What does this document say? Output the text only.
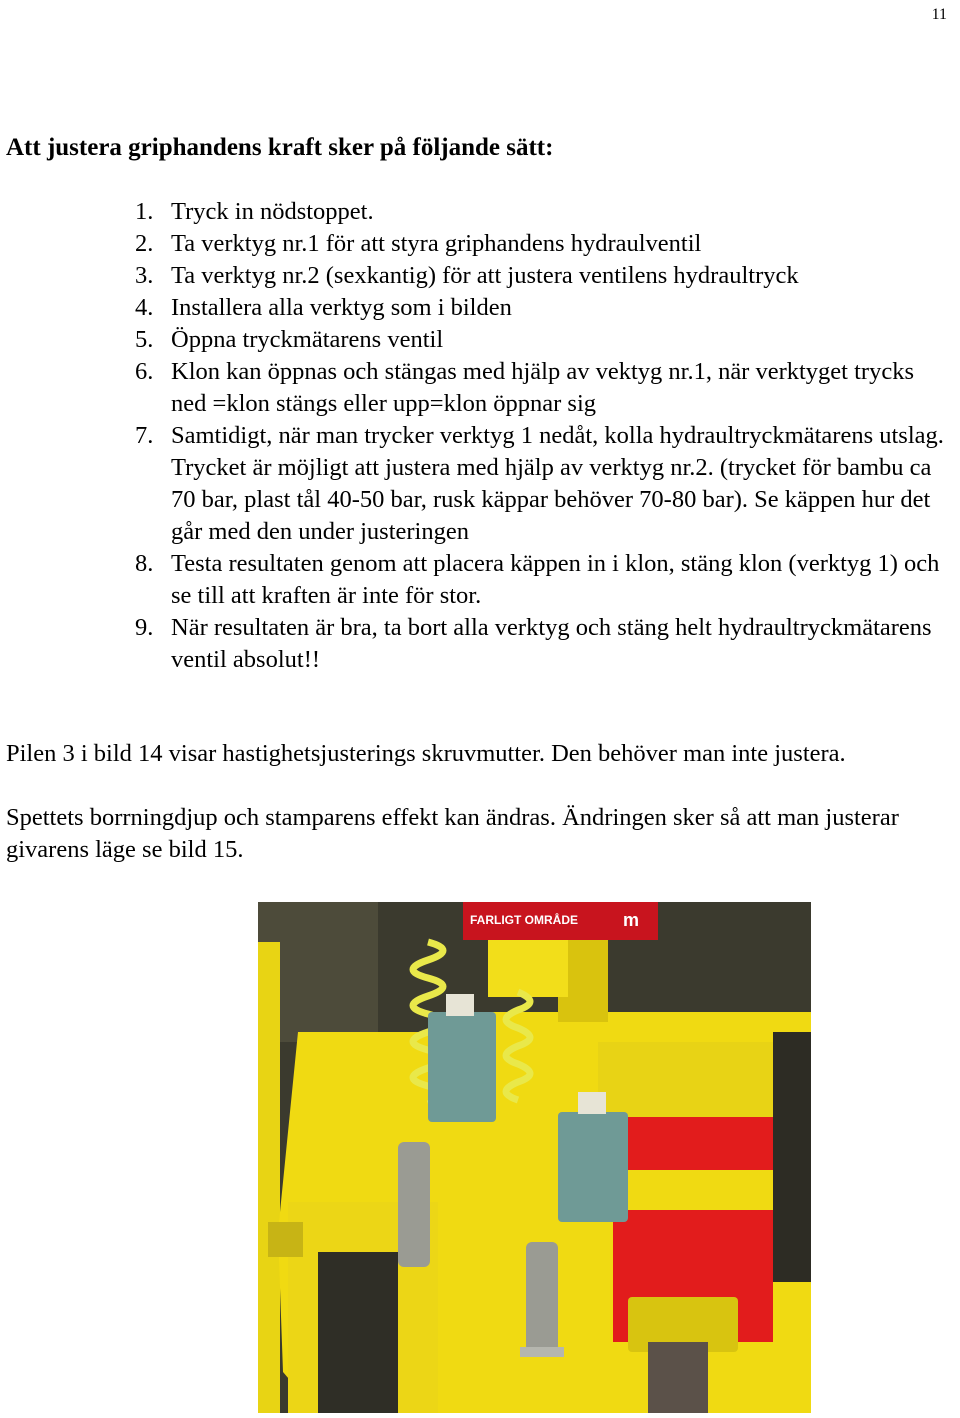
11
Att justera griphandens kraft sker på följande sätt:
1. Tryck in nödstoppet.
2. Ta verktyg nr.1 för att styra griphandens hydraulventil
3. Ta verktyg nr.2 (sexkantig) för att justera ventilens hydraultryck
4. Installera alla verktyg som i bilden
5. Öppna tryckmätarens ventil
6. Klon kan öppnas och stängas med hjälp av vektyg nr.1, när verktyget trycks ned =klon stängs eller upp=klon öppnar sig
7. Samtidigt, när man trycker verktyg 1 nedåt, kolla hydraultryckmätarens utslag. Trycket är möjligt att justera med hjälp av verktyg nr.2. (trycket för bambu ca 70 bar, plast tål 40-50 bar, rusk käppar behöver 70-80 bar). Se käppen hur det går med den under justeringen
8. Testa resultaten genom att placera käppen in i klon, stäng klon (verktyg 1) och se till att kraften är inte för stor.
9. När resultaten är bra, ta bort alla verktyg och stäng helt hydraultryckmätarens ventil absolut!!
Pilen 3 i bild 14 visar hastighetsjusterings skruvmutter. Den behöver man inte justera.
Spettets borrningdjup och stamparens effekt kan ändras. Ändringen sker så att man justerar givarens läge se bild 15.
FARLIGT OMRÅDE	m
